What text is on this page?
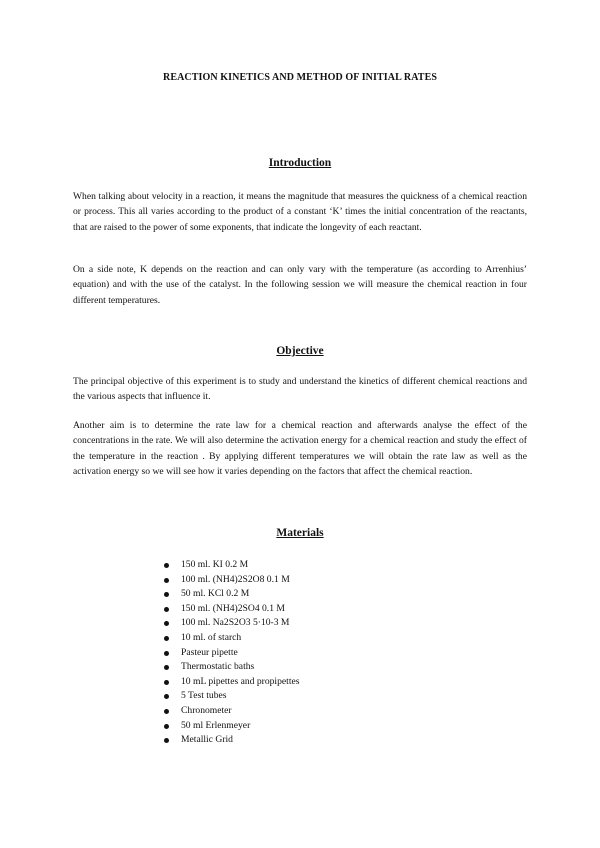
REACTION KINETICS AND METHOD OF INITIAL RATES
Introduction

When talking about velocity in a reaction, it means the magnitude that measures the quickness of a chemical reaction or process. This all varies according to the product of a constant ‘K’ times the initial concentration of the reactants, that are raised to the power of some exponents, that indicate the longevity of each reactant.

On a side note, K depends on the reaction and can only vary with the temperature (as according to Arrenhius’ equation) and with the use of the catalyst. In the following session we will measure the chemical reaction in four different temperatures.

Objective

The principal objective of this experiment is to study and understand the kinetics of different chemical reactions and the various aspects that influence it.

Another aim is to determine the rate law for a chemical reaction and afterwards analyse the effect of the concentrations in the rate. We will also determine the activation energy for a chemical reaction and study the effect of the temperature in the reaction . By applying different temperatures we will obtain the rate law as well as the activation energy so we will see how it varies depending on the factors that affect the chemical reaction.

Materials
150 ml. KI 0.2 M
100 ml. (NH4)2S2O8 0.1 M
50 ml. KCl 0.2 M
150 ml. (NH4)2SO4 0.1 M
100 ml. Na2S2O3 5·10-3 M
10 ml. of starch
Pasteur pipette
Thermostatic baths
10 mL pipettes and propipettes
5 Test tubes
Chronometer
50 ml Erlenmeyer
Metallic Grid
